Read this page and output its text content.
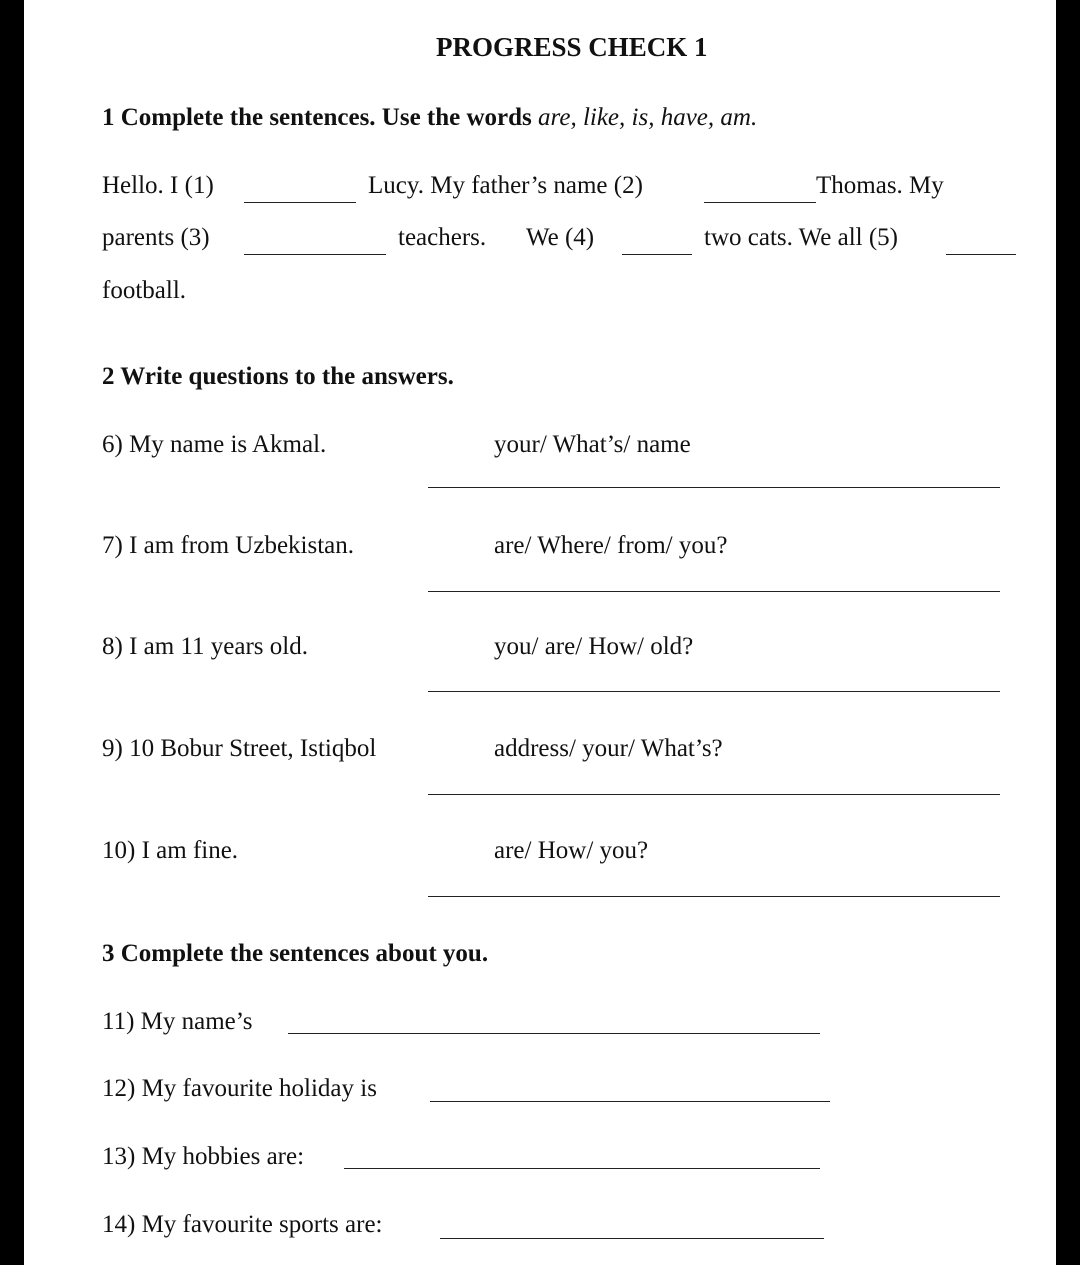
PROGRESS CHECK 1
1 Complete the sentences. Use the words are, like, is, have, am.
Hello. I (1)	Lucy. My father’s name (2)	Thomas. My
parents (3)	teachers. We (4)	two cats. We all (5)
football.
2 Write questions to the answers.
6) My name is Akmal.	your/ What’s/ name
7) I am from Uzbekistan.	are/ Where/ from/ you?
8) I am 11 years old.	you/ are/ How/ old?
9) 10 Bobur Street, Istiqbol	address/ your/ What’s?
10) I am fine.	are/ How/ you?
3 Complete the sentences about you.
11) My name’s
12) My favourite holiday is
13) My hobbies are:
14) My favourite sports are:
